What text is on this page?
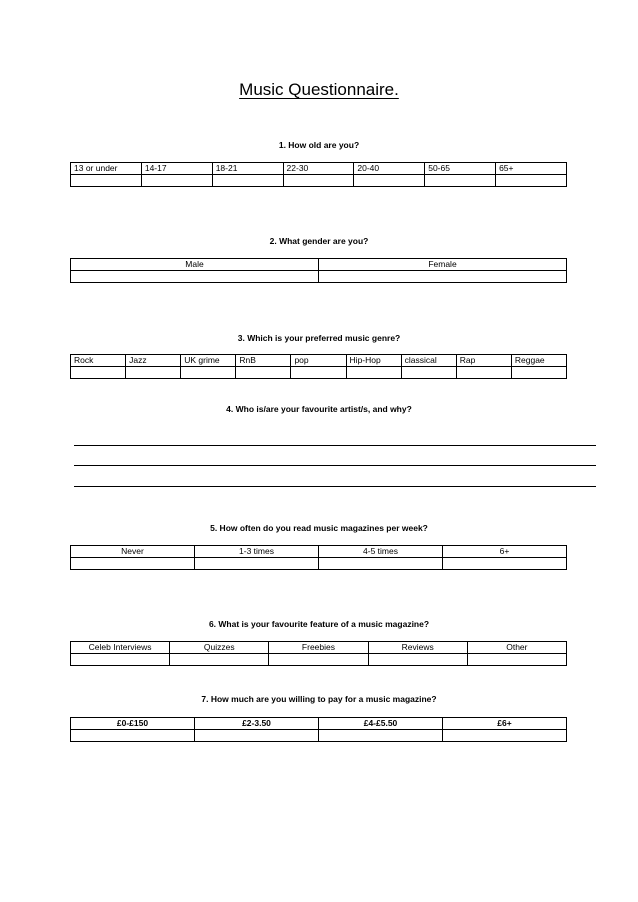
Music Questionnaire.
1. How old are you?
13 or under	14-17	18-21	22-30	20-40	50-65	65+

2. What gender are you?
Male	Female

3. Which is your preferred music genre?
Rock	Jazz	UK grime	RnB	pop	Hip-Hop	classical	Rap	Reggae

4. Who is/are your favourite artist/s, and why?
5. How often do you read music magazines per week?
Never	1-3 times	4-5 times	6+

6. What is your favourite feature of a music magazine?
Celeb Interviews	Quizzes	Freebies	Reviews	Other

7. How much are you willing to pay for a music magazine?
£0-£150	£2-3.50	£4-£5.50	£6+
